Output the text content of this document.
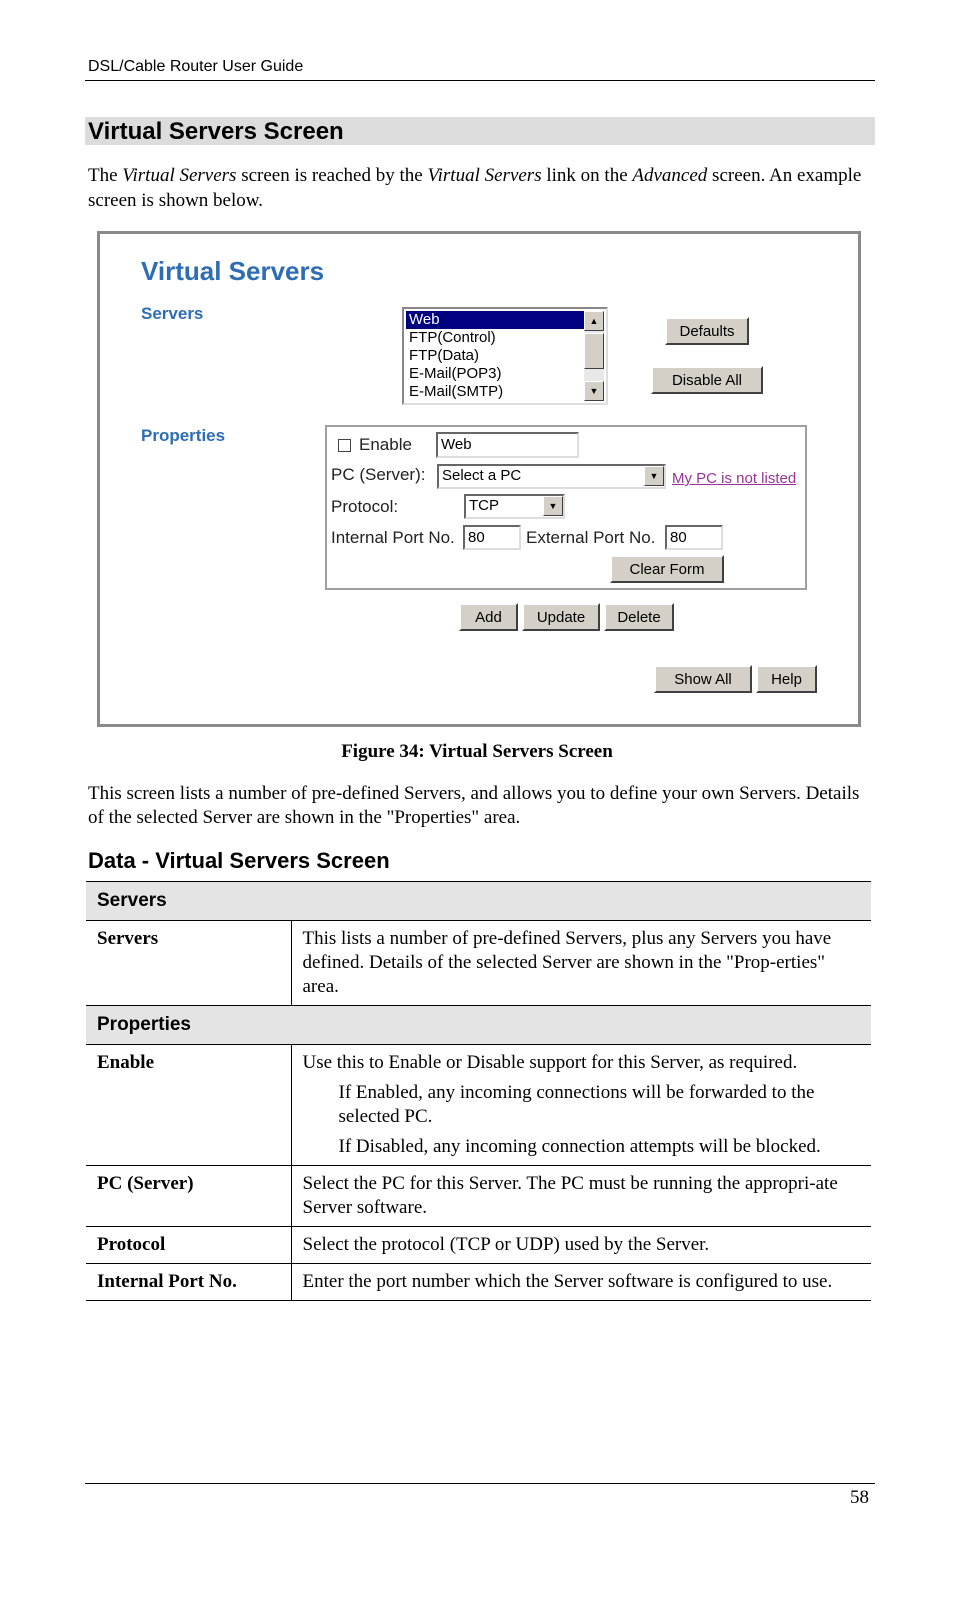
DSL/Cable Router User Guide
Virtual Servers Screen
The Virtual Servers screen is reached by the Virtual Servers link on the Advanced screen. An example screen is shown below.
Virtual Servers
Servers
Properties
Web
FTP(Control)
FTP(Data)
E-Mail(POP3)
E-Mail(SMTP)
▲
▼
Defaults
Disable All
Enable	Web
PC (Server):	Select a PC	▼ My PC is not listed
Protocol:	TCP	▼
Internal Port No. 80	External Port No. 80
Clear Form
Add	Update	Delete
Show All	Help
Figure 34: Virtual Servers Screen
This screen lists a number of pre-defined Servers, and allows you to define your own Servers. Details of the selected Server are shown in the "Properties" area.
Data - Virtual Servers Screen
Servers	
Servers	This lists a number of pre-defined Servers, plus any Servers you have defined. Details of the selected Server are shown in the "Prop-erties" area.
Properties	
Enable	Use this to Enable or Disable support for this Server, as required.
If Enabled, any incoming connections will be forwarded to the selected PC.
If Disabled, any incoming connection attempts will be blocked.

PC (Server)	Select the PC for this Server. The PC must be running the appropri-ate Server software.
Protocol	Select the protocol (TCP or UDP) used by the Server.
Internal Port No.	Enter the port number which the Server software is configured to use.
58
